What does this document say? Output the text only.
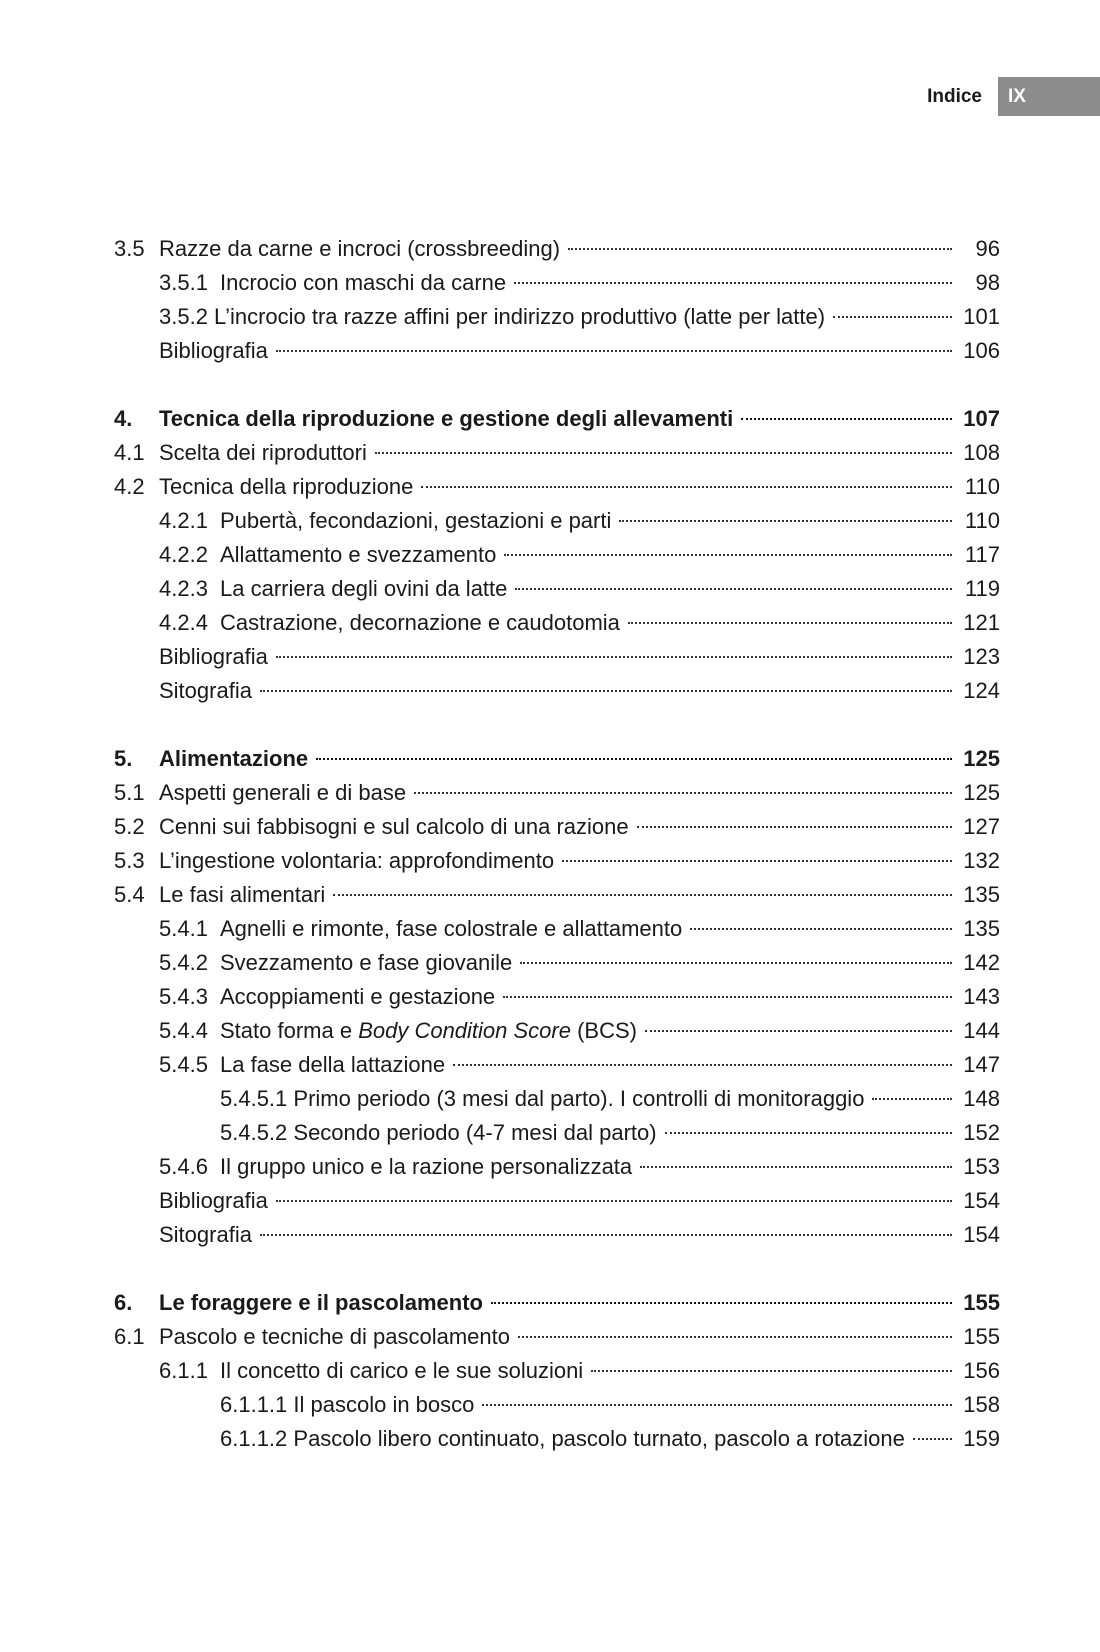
Indice	IX
3.5 Razze da carne e incroci (crossbreeding)	96
3.5.1 Incrocio con maschi da carne	98
3.5.2 L’incrocio tra razze affini per indirizzo produttivo (latte per latte)	101
Bibliografia	106
4. Tecnica della riproduzione e gestione degli allevamenti	107
4.1 Scelta dei riproduttori	108
4.2 Tecnica della riproduzione	110
4.2.1 Pubertà, fecondazioni, gestazioni e parti	110
4.2.2 Allattamento e svezzamento	117
4.2.3 La carriera degli ovini da latte	119
4.2.4 Castrazione, decornazione e caudotomia	121
Bibliografia	123
Sitografia	124
5. Alimentazione	125
5.1 Aspetti generali e di base	125
5.2 Cenni sui fabbisogni e sul calcolo di una razione	127
5.3 L’ingestione volontaria: approfondimento	132
5.4 Le fasi alimentari	135
5.4.1 Agnelli e rimonte, fase colostrale e allattamento	135
5.4.2 Svezzamento e fase giovanile	142
5.4.3 Accoppiamenti e gestazione	143
5.4.4 Stato forma e Body Condition Score (BCS)	144
5.4.5 La fase della lattazione	147
5.4.5.1 Primo periodo (3 mesi dal parto). I controlli di monitoraggio	148
5.4.5.2 Secondo periodo (4-7 mesi dal parto)	152
5.4.6 Il gruppo unico e la razione personalizzata	153
Bibliografia	154
Sitografia	154
6. Le foraggere e il pascolamento	155
6.1 Pascolo e tecniche di pascolamento	155
6.1.1 Il concetto di carico e le sue soluzioni	156
6.1.1.1 Il pascolo in bosco	158
6.1.1.2 Pascolo libero continuato, pascolo turnato, pascolo a rotazione	159
